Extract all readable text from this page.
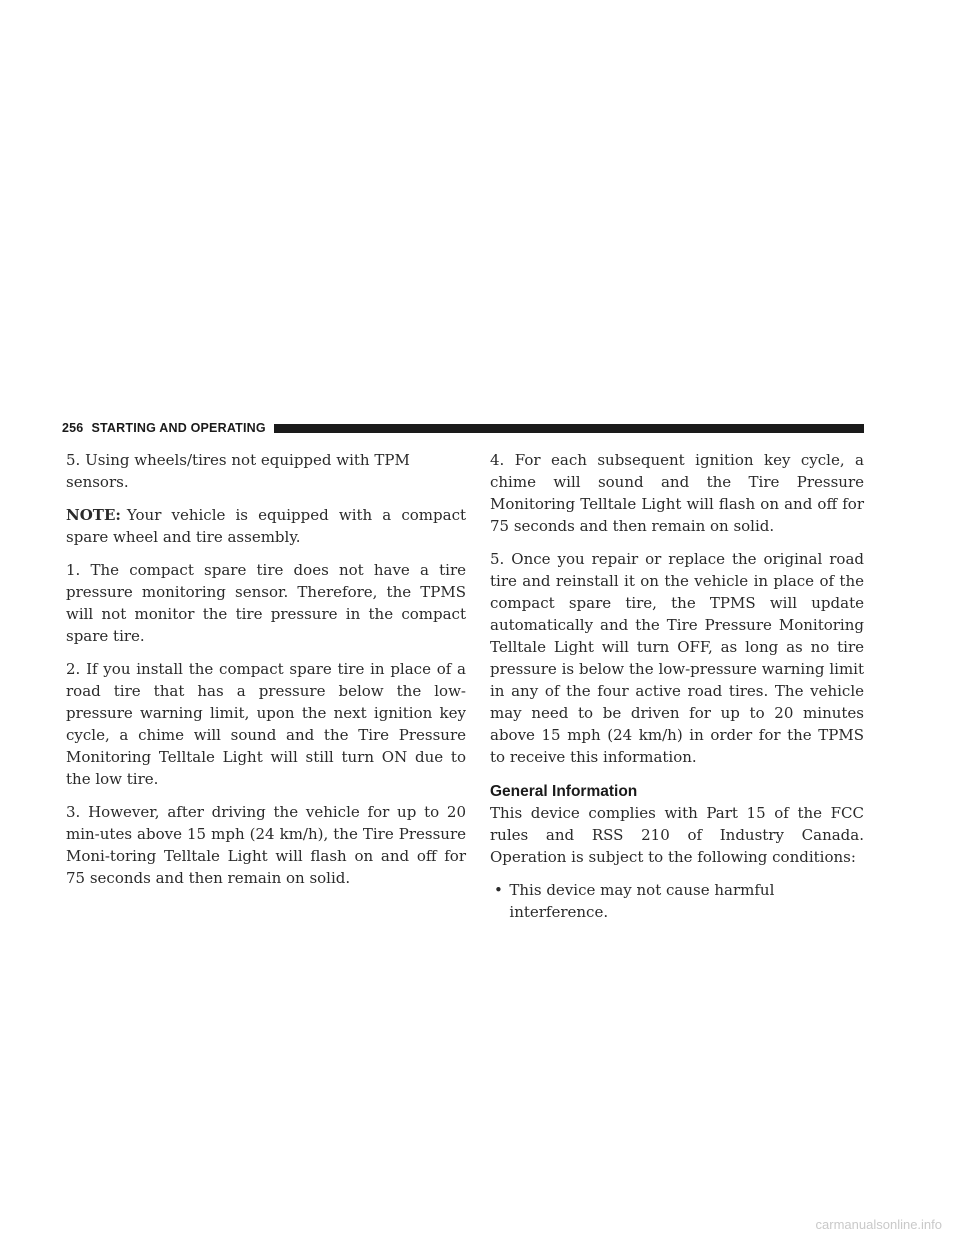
256 STARTING AND OPERATING

5. Using wheels/tires not equipped with TPM sensors.

NOTE: Your vehicle is equipped with a compact spare wheel and tire assembly.

1. The compact spare tire does not have a tire pressure monitoring sensor. Therefore, the TPMS will not monitor the tire pressure in the compact spare tire.

2. If you install the compact spare tire in place of a road tire that has a pressure below the low-pressure warning limit, upon the next ignition key cycle, a chime will sound and the Tire Pressure Monitoring Telltale Light will still turn ON due to the low tire.

3. However, after driving the vehicle for up to 20 min-utes above 15 mph (24 km/h), the Tire Pressure Moni-toring Telltale Light will flash on and off for 75 seconds and then remain on solid.

4. For each subsequent ignition key cycle, a chime will sound and the Tire Pressure Monitoring Telltale Light will flash on and off for 75 seconds and then remain on solid.

5. Once you repair or replace the original road tire and reinstall it on the vehicle in place of the compact spare tire, the TPMS will update automatically and the Tire Pressure Monitoring Telltale Light will turn OFF, as long as no tire pressure is below the low-pressure warning limit in any of the four active road tires. The vehicle may need to be driven for up to 20 minutes above 15 mph (24 km/h) in order for the TPMS to receive this information.

General Information

This device complies with Part 15 of the FCC rules and RSS 210 of Industry Canada. Operation is subject to the following conditions:

• This device may not cause harmful interference.
carmanualsonline.info
